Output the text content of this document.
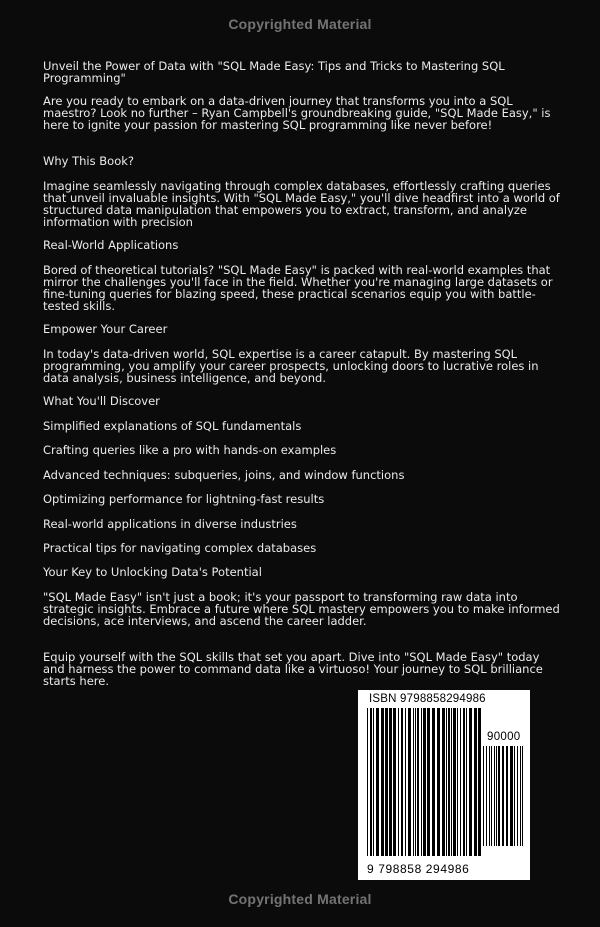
Copyrighted Material

Unveil the Power of Data with "SQL Made Easy: Tips and Tricks to Mastering SQL Programming"

Are you ready to embark on a data-driven journey that transforms you into a SQL maestro? Look no further – Ryan Campbell's groundbreaking guide, "SQL Made Easy," is here to ignite your passion for mastering SQL programming like never before!

Why This Book?

Imagine seamlessly navigating through complex databases, effortlessly crafting queries that unveil invaluable insights. With "SQL Made Easy," you'll dive headfirst into a world of structured data manipulation that empowers you to extract, transform, and analyze information with precision

Real-World Applications

Bored of theoretical tutorials? "SQL Made Easy" is packed with real-world examples that mirror the challenges you'll face in the field. Whether you're managing large datasets or fine-tuning queries for blazing speed, these practical scenarios equip you with battle-tested skills.

Empower Your Career

In today's data-driven world, SQL expertise is a career catapult. By mastering SQL programming, you amplify your career prospects, unlocking doors to lucrative roles in data analysis, business intelligence, and beyond.

What You'll Discover

Simplified explanations of SQL fundamentals

Crafting queries like a pro with hands-on examples

Advanced techniques: subqueries, joins, and window functions

Optimizing performance for lightning-fast results

Real-world applications in diverse industries

Practical tips for navigating complex databases

Your Key to Unlocking Data's Potential

"SQL Made Easy" isn't just a book; it's your passport to transforming raw data into strategic insights. Embrace a future where SQL mastery empowers you to make informed decisions, ace interviews, and ascend the career ladder.

Equip yourself with the SQL skills that set you apart. Dive into "SQL Made Easy" today and harness the power to command data like a virtuoso! Your journey to SQL brilliance starts here.

ISBN 9798858294986
90000
9 798858 294986
Copyrighted Material
